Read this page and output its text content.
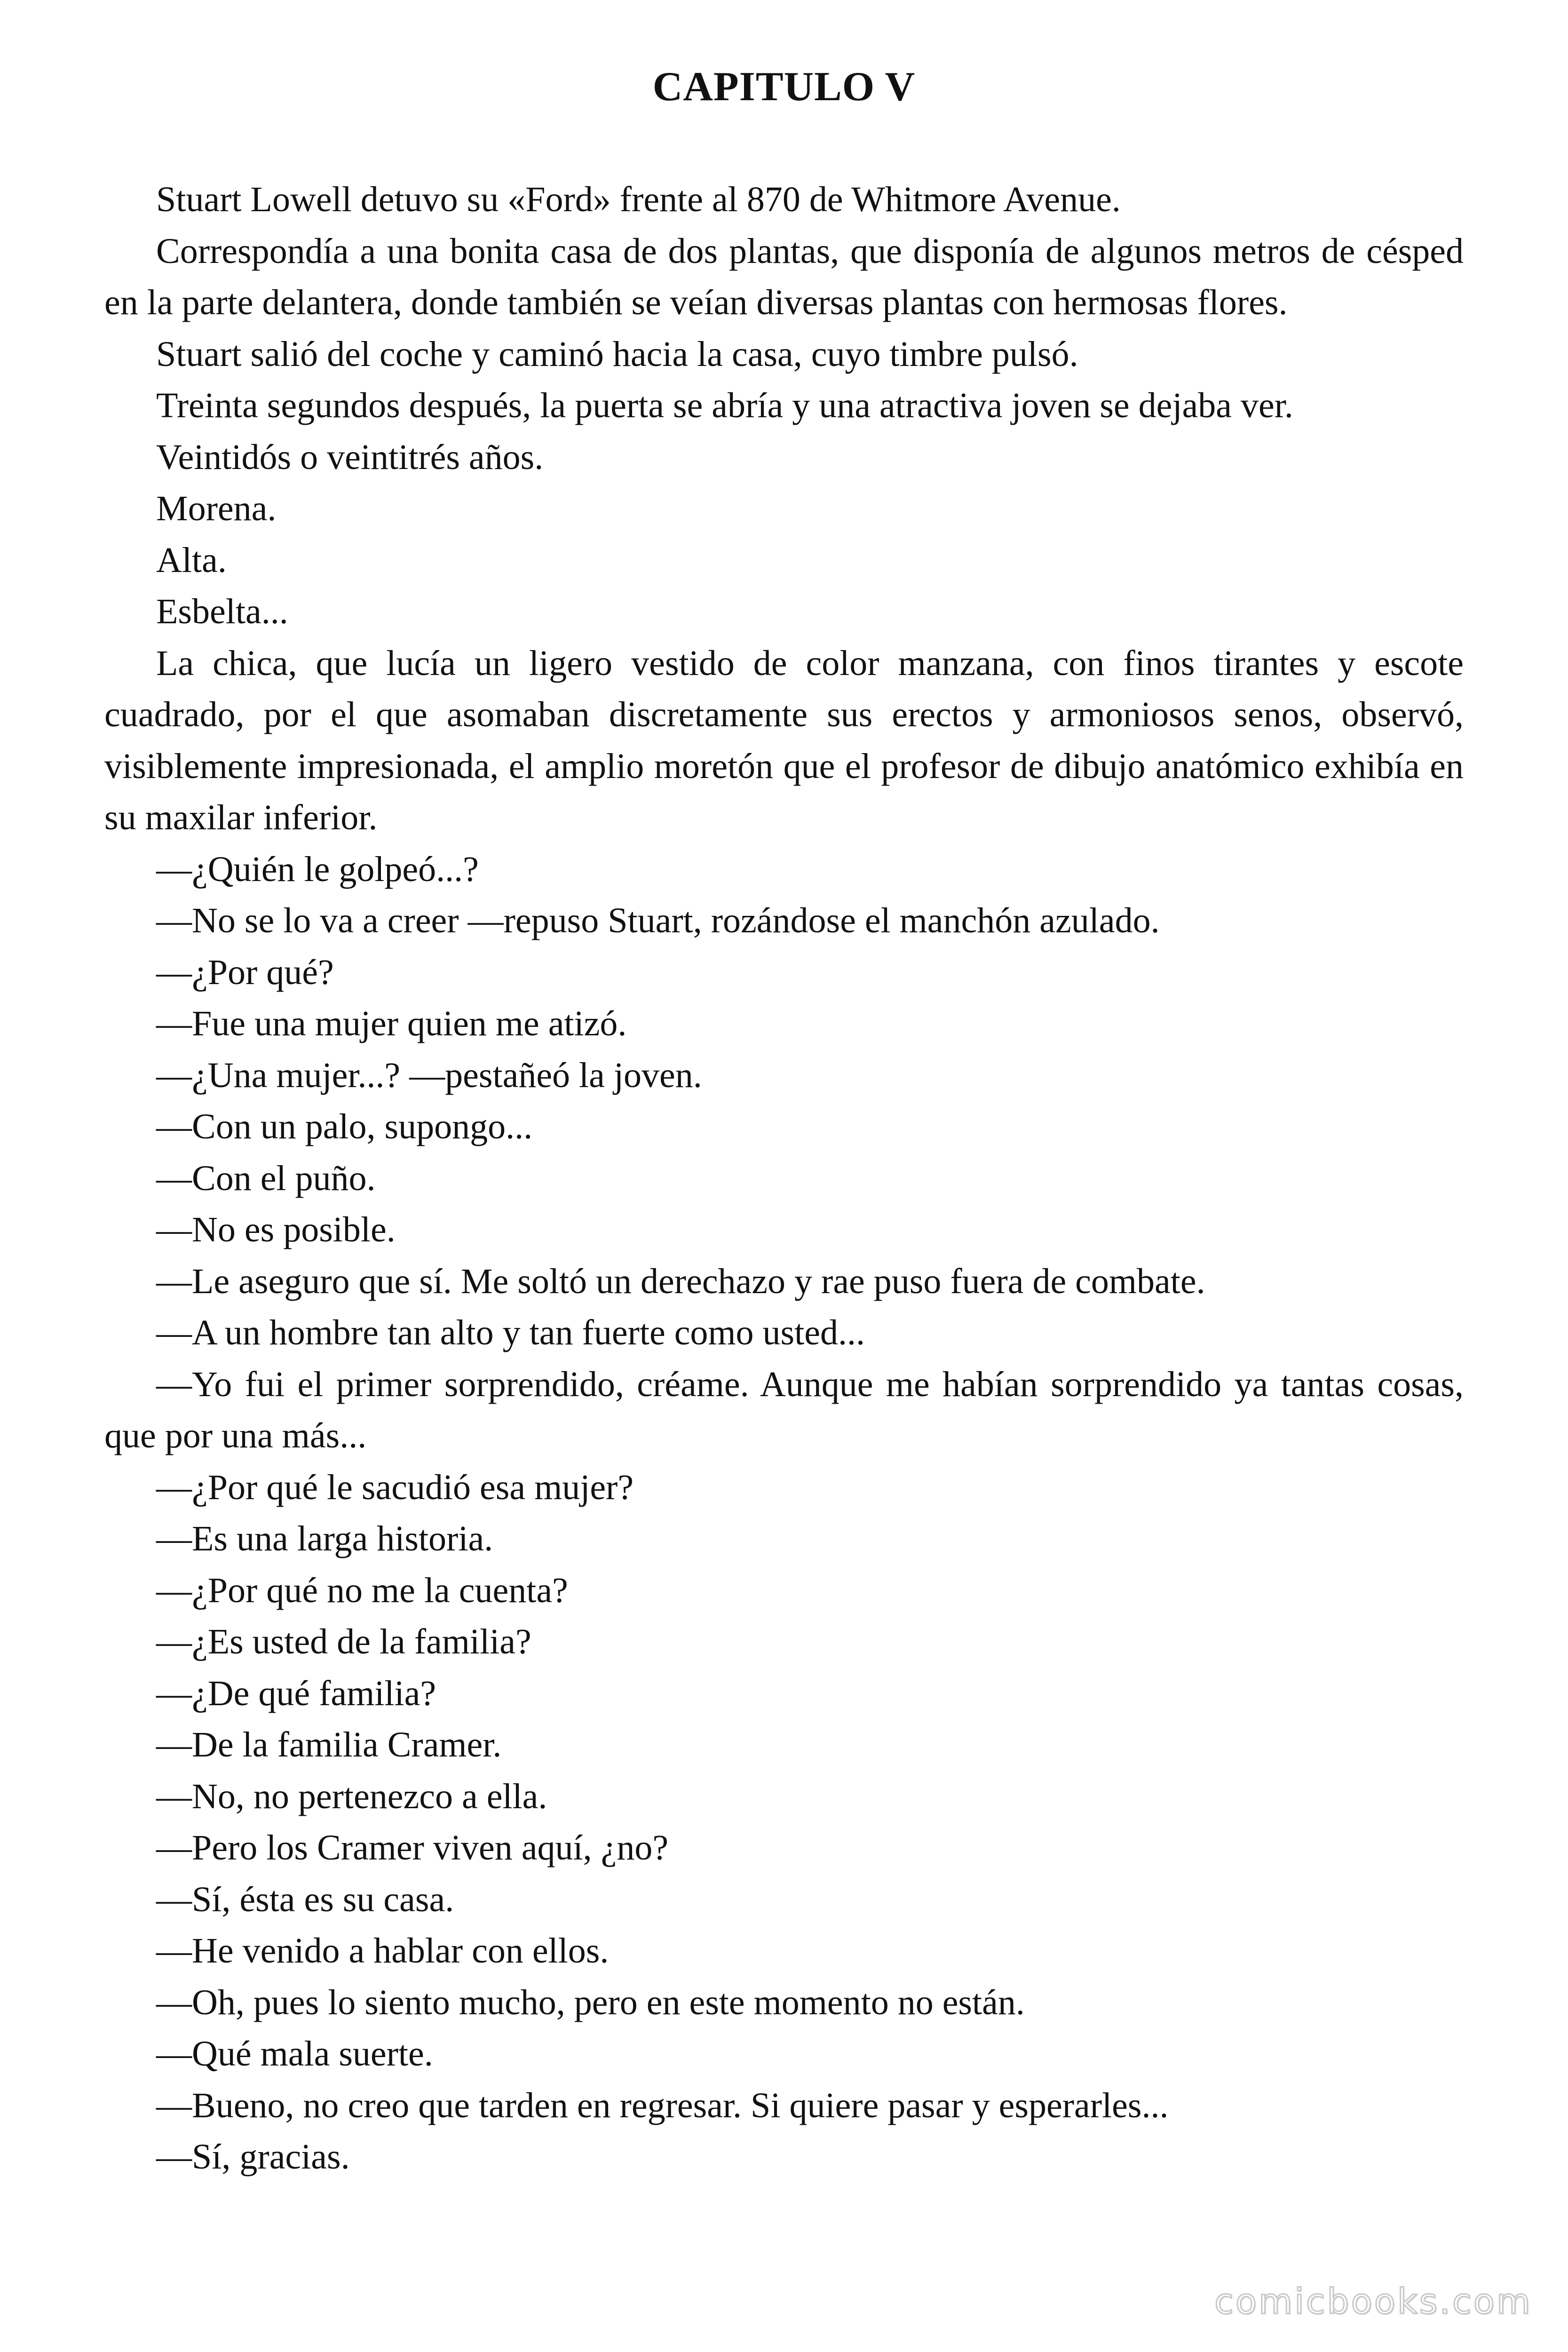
CAPITULO V

Stuart Lowell detuvo su «Ford» frente al 870 de Whitmore Avenue.

Correspondía a una bonita casa de dos plantas, que disponía de algunos metros de césped en la parte delantera, donde también se veían diversas plantas con hermosas flores.

Stuart salió del coche y caminó hacia la casa, cuyo timbre pulsó.

Treinta segundos después, la puerta se abría y una atractiva joven se dejaba ver.

Veintidós o veintitrés años.

Morena.

Alta.

Esbelta...

La chica, que lucía un ligero vestido de color manzana, con finos tirantes y escote cuadrado, por el que asomaban discretamente sus erectos y armoniosos senos, observó, visiblemente impresionada, el amplio moretón que el profesor de dibujo anatómico exhibía en su maxilar inferior.

—¿Quién le golpeó...?

—No se lo va a creer —repuso Stuart, rozándose el manchón azulado.

—¿Por qué?

—Fue una mujer quien me atizó.

—¿Una mujer...? —pestañeó la joven.

—Con un palo, supongo...

—Con el puño.

—No es posible.

—Le aseguro que sí. Me soltó un derechazo y rae puso fuera de combate.

—A un hombre tan alto y tan fuerte como usted...

—Yo fui el primer sorprendido, créame. Aunque me habían sorprendido ya tantas cosas, que por una más...

—¿Por qué le sacudió esa mujer?

—Es una larga historia.

—¿Por qué no me la cuenta?

—¿Es usted de la familia?

—¿De qué familia?

—De la familia Cramer.

—No, no pertenezco a ella.

—Pero los Cramer viven aquí, ¿no?

—Sí, ésta es su casa.

—He venido a hablar con ellos.

—Oh, pues lo siento mucho, pero en este momento no están.

—Qué mala suerte.

—Bueno, no creo que tarden en regresar. Si quiere pasar y esperarles...

—Sí, gracias.

comicbooks.com
